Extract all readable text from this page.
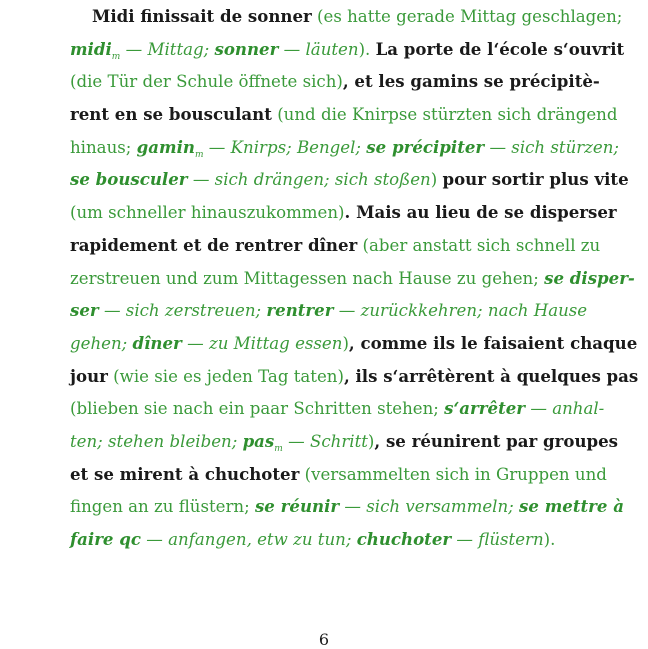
Midi finissait de sonner (es hatte gerade Mittag geschlagen;
midi$_m$ — Mittag; sonner — läuten). La porte de l‘école s‘ouvrit
(die Tür der Schule öffnete sich), et les gamins se précipitè-
rent en se bousculant (und die Knirpse stürzten sich drängend
hinaus; gamin$_m$ — Knirps; Bengel; se précipiter — sich stürzen;
se bousculer — sich drängen; sich stoßen) pour sortir plus vite
(um schneller hinauszukommen). Mais au lieu de se disperser
rapidement et de rentrer dîner (aber anstatt sich schnell zu
zerstreuen und zum Mittagessen nach Hause zu gehen; se disper-
ser — sich zerstreuen; rentrer — zurückkehren; nach Hause
gehen; dîner — zu Mittag essen), comme ils le faisaient chaque
jour (wie sie es jeden Tag taten), ils s‘arrêtèrent à quelques pas
(blieben sie nach ein paar Schritten stehen; s‘arrêter — anhal-
ten; stehen bleiben; pas$_m$ — Schritt), se réunirent par groupes
et se mirent à chuchoter (versammelten sich in Gruppen und
fingen an zu flüstern; se réunir — sich versammeln; se mettre à
faire qc — anfangen, etw zu tun; chuchoter — flüstern).
6
